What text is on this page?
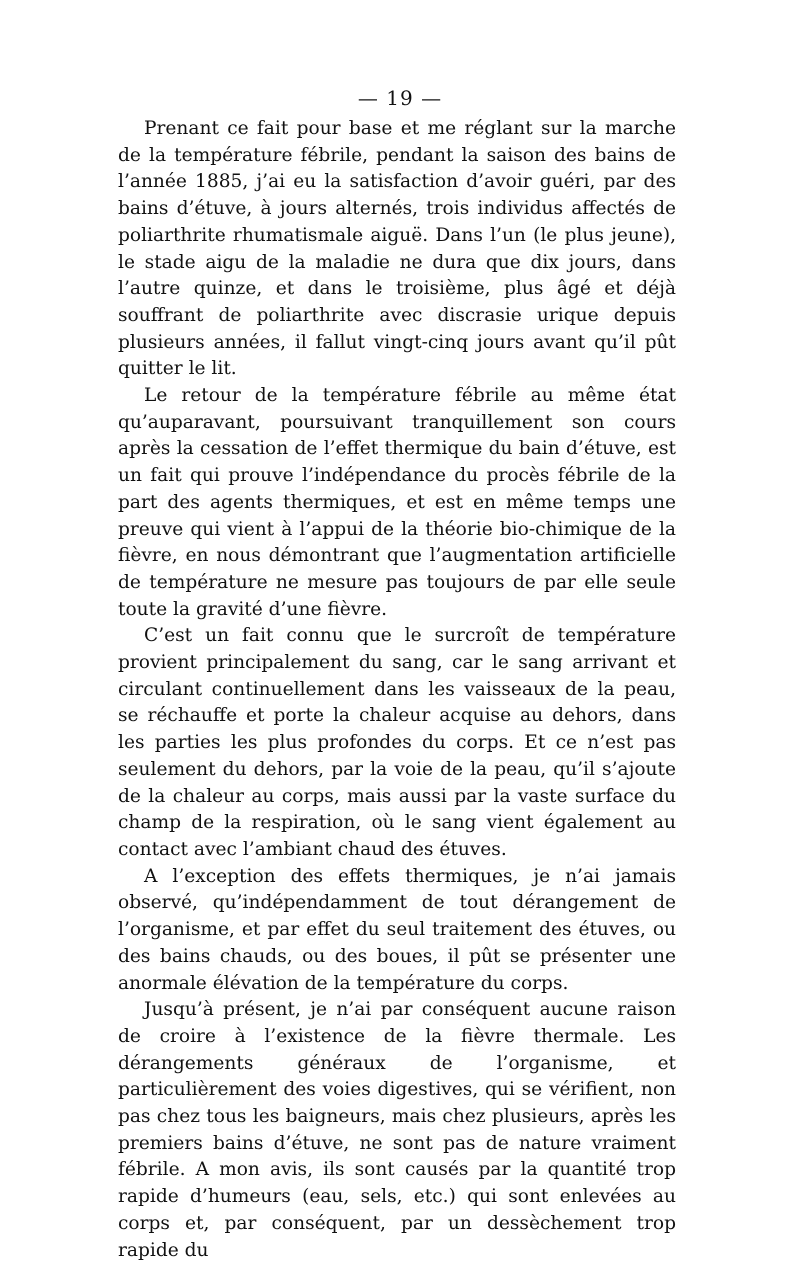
— 19 —

Prenant ce fait pour base et me réglant sur la marche de la température fébrile, pendant la saison des bains de l’année 1885, j’ai eu la satisfaction d’avoir guéri, par des bains d’étuve, à jours alternés, trois individus affectés de poliarthrite rhumatismale aiguë. Dans l’un (le plus jeune), le stade aigu de la maladie ne dura que dix jours, dans l’autre quinze, et dans le troisième, plus âgé et déjà souffrant de poliarthrite avec discrasie urique depuis plusieurs années, il fallut vingt-cinq jours avant qu’il pût quitter le lit.

Le retour de la température fébrile au même état qu’auparavant, poursuivant tranquillement son cours après la cessation de l’effet thermique du bain d’étuve, est un fait qui prouve l’indépendance du procès fébrile de la part des agents thermiques, et est en même temps une preuve qui vient à l’appui de la théorie bio-chimique de la fièvre, en nous démontrant que l’augmentation artificielle de température ne mesure pas toujours de par elle seule toute la gravité d’une fièvre.

C’est un fait connu que le surcroît de température provient principalement du sang, car le sang arrivant et circulant continuellement dans les vaisseaux de la peau, se réchauffe et porte la chaleur acquise au dehors, dans les parties les plus profondes du corps. Et ce n’est pas seulement du dehors, par la voie de la peau, qu’il s’ajoute de la chaleur au corps, mais aussi par la vaste surface du champ de la respiration, où le sang vient également au contact avec l’ambiant chaud des étuves.

A l’exception des effets thermiques, je n’ai jamais observé, qu’indépendamment de tout dérangement de l’organisme, et par effet du seul traitement des étuves, ou des bains chauds, ou des boues, il pût se présenter une anormale élévation de la température du corps.

Jusqu’à présent, je n’ai par conséquent aucune raison de croire à l’existence de la fièvre thermale. Les dérangements généraux de l’organisme, et particulièrement des voies digestives, qui se vérifient, non pas chez tous les baigneurs, mais chez plusieurs, après les premiers bains d’étuve, ne sont pas de nature vraiment fébrile. A mon avis, ils sont causés par la quantité trop rapide d’humeurs (eau, sels, etc.) qui sont enlevées au corps et, par conséquent, par un dessèchement trop rapide du
